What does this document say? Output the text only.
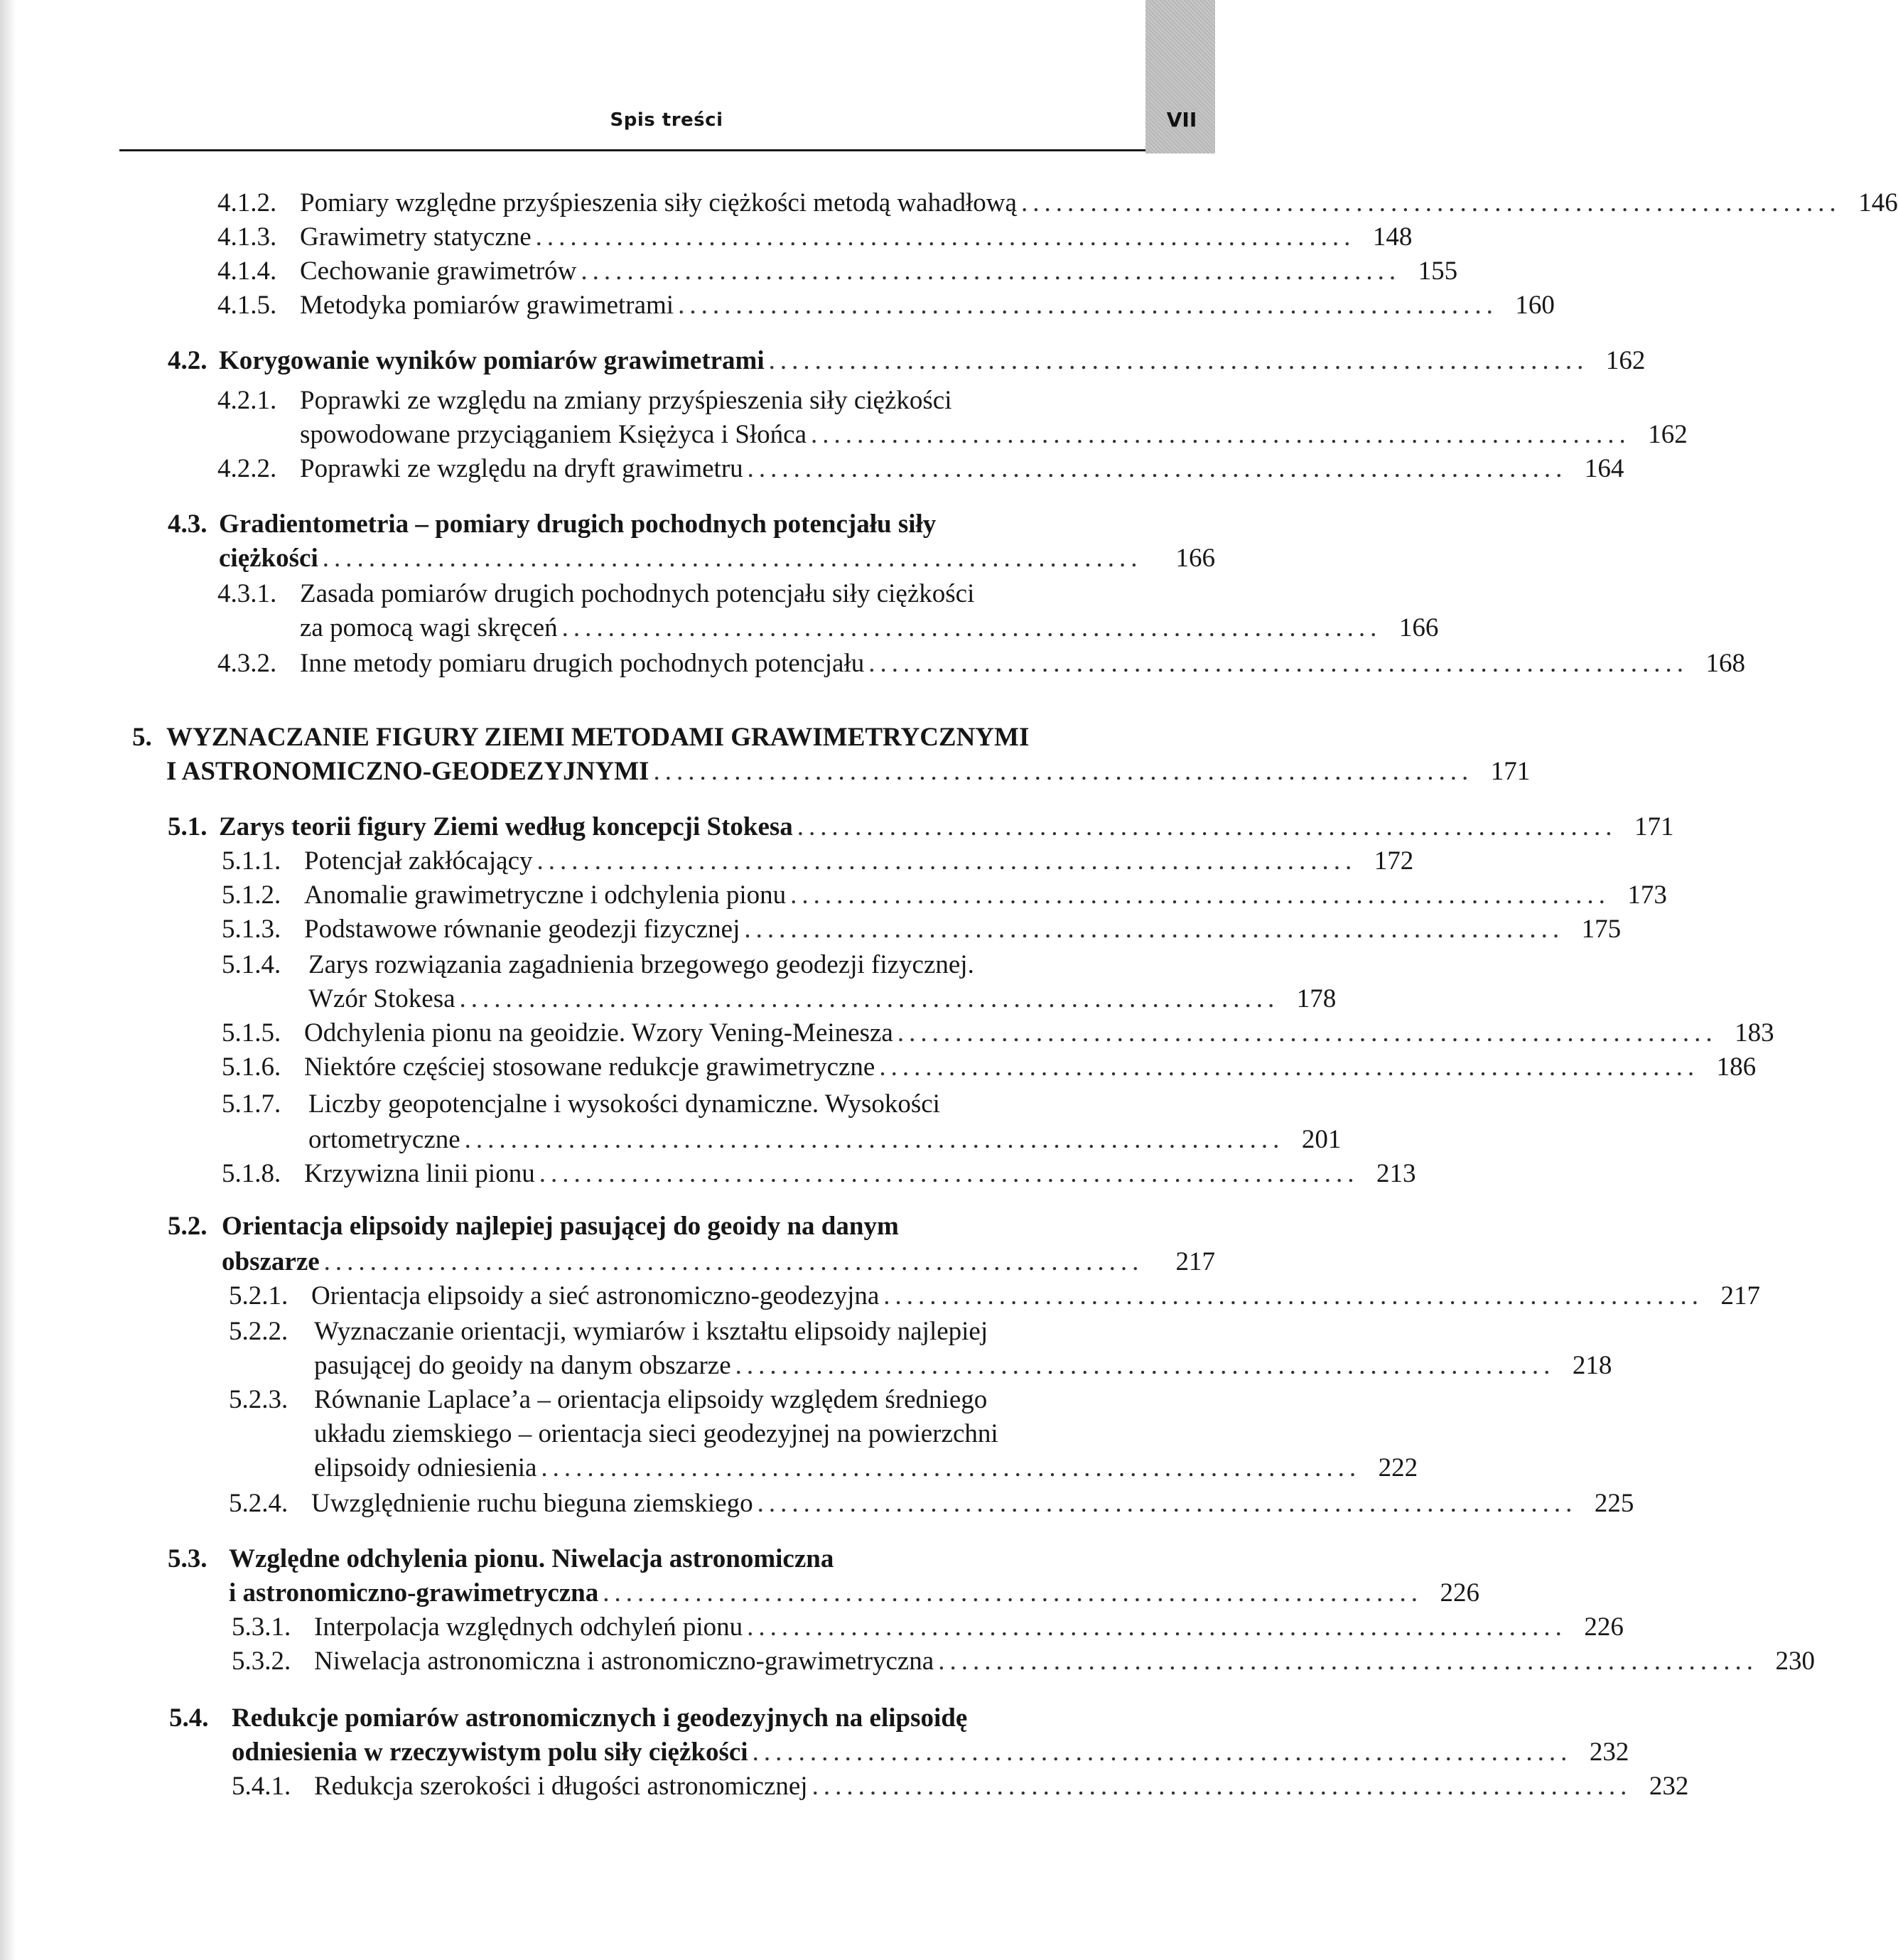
Spis treści	VII
4.1.2. Pomiary względne przyśpieszenia siły ciężkości metodą wahadłową ....................................................................... 146
4.1.3. Grawimetry statyczne ....................................................................... 148
4.1.4. Cechowanie grawimetrów ....................................................................... 155
4.1.5. Metodyka pomiarów grawimetrami ....................................................................... 160
4.2. Korygowanie wyników pomiarów grawimetrami ....................................................................... 162
4.2.1. Poprawki ze względu na zmiany przyśpieszenia siły ciężkości
spowodowane przyciąganiem Księżyca i Słońca ....................................................................... 162
4.2.2. Poprawki ze względu na dryft grawimetru ....................................................................... 164
4.3. Gradientometria – pomiary drugich pochodnych potencjału siły
ciężkości .......................................................................	166
4.3.1. Zasada pomiarów drugich pochodnych potencjału siły ciężkości
za pomocą wagi skręceń ....................................................................... 166
4.3.2. Inne metody pomiaru drugich pochodnych potencjału ....................................................................... 168
5. WYZNACZANIE FIGURY ZIEMI METODAMI GRAWIMETRYCZNYMI
I ASTRONOMICZNO-GEODEZYJNYMI ....................................................................... 171
5.1. Zarys teorii figury Ziemi według koncepcji Stokesa ....................................................................... 171
5.1.1. Potencjał zakłócający ....................................................................... 172
5.1.2. Anomalie grawimetryczne i odchylenia pionu ....................................................................... 173
5.1.3. Podstawowe równanie geodezji fizycznej ....................................................................... 175
5.1.4. Zarys rozwiązania zagadnienia brzegowego geodezji fizycznej.
Wzór Stokesa ....................................................................... 178
5.1.5. Odchylenia pionu na geoidzie. Wzory Vening-Meinesza ....................................................................... 183
5.1.6. Niektóre częściej stosowane redukcje grawimetryczne ....................................................................... 186
5.1.7. Liczby geopotencjalne i wysokości dynamiczne. Wysokości
ortometryczne ....................................................................... 201
5.1.8. Krzywizna linii pionu ....................................................................... 213
5.2. Orientacja elipsoidy najlepiej pasującej do geoidy na danym
obszarze .......................................................................	217
5.2.1. Orientacja elipsoidy a sieć astronomiczno-geodezyjna ....................................................................... 217
5.2.2. Wyznaczanie orientacji, wymiarów i kształtu elipsoidy najlepiej
pasującej do geoidy na danym obszarze ....................................................................... 218
5.2.3. Równanie Laplace’a – orientacja elipsoidy względem średniego
układu ziemskiego – orientacja sieci geodezyjnej na powierzchni
elipsoidy odniesienia ....................................................................... 222
5.2.4. Uwzględnienie ruchu bieguna ziemskiego ....................................................................... 225
5.3. Względne odchylenia pionu. Niwelacja astronomiczna
i astronomiczno-grawimetryczna ....................................................................... 226
5.3.1. Interpolacja względnych odchyleń pionu ....................................................................... 226
5.3.2. Niwelacja astronomiczna i astronomiczno-grawimetryczna ....................................................................... 230
5.4. Redukcje pomiarów astronomicznych i geodezyjnych na elipsoidę
odniesienia w rzeczywistym polu siły ciężkości ....................................................................... 232
5.4.1. Redukcja szerokości i długości astronomicznej ....................................................................... 232
